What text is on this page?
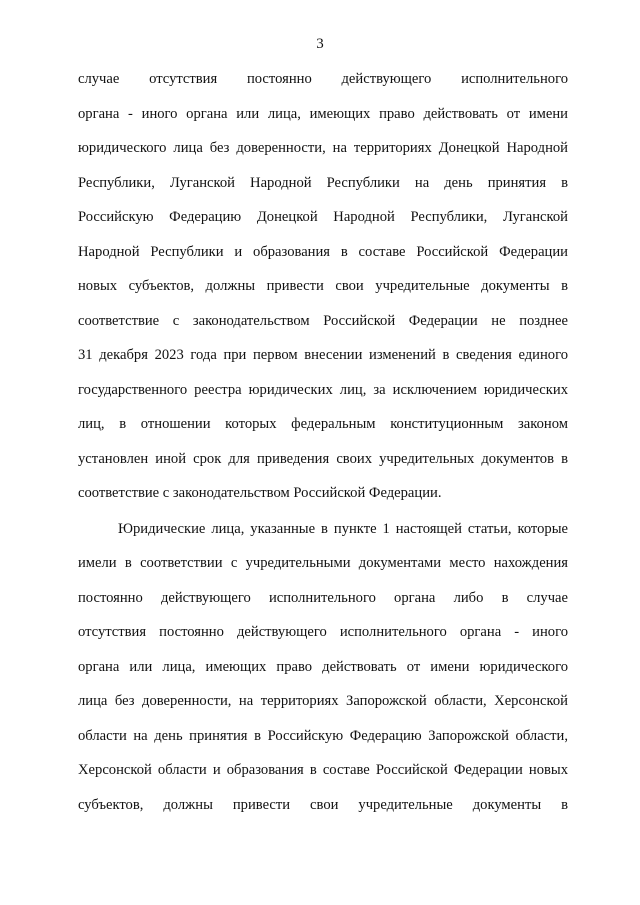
3
случае отсутствия постоянно действующего исполнительного
органа - иного органа или лица, имеющих право действовать от имени
юридического лица без доверенности, на территориях Донецкой Народной
Республики, Луганской Народной Республики на день принятия в
Российскую Федерацию Донецкой Народной Республики, Луганской
Народной Республики и образования в составе Российской Федерации
новых субъектов, должны привести свои учредительные документы в
соответствие с законодательством Российской Федерации не позднее
31 декабря 2023 года при первом внесении изменений в сведения единого
государственного реестра юридических лиц, за исключением юридических
лиц, в отношении которых федеральным конституционным законом
установлен иной срок для приведения своих учредительных документов в
соответствие с законодательством Российской Федерации.
Юридические лица, указанные в пункте 1 настоящей статьи, которые
имели в соответствии с учредительными документами место нахождения
постоянно действующего исполнительного органа либо в случае
отсутствия постоянно действующего исполнительного органа - иного
органа или лица, имеющих право действовать от имени юридического
лица без доверенности, на территориях Запорожской области, Херсонской
области на день принятия в Российскую Федерацию Запорожской области,
Херсонской области и образования в составе Российской Федерации новых
субъектов, должны привести свои учредительные документы в
